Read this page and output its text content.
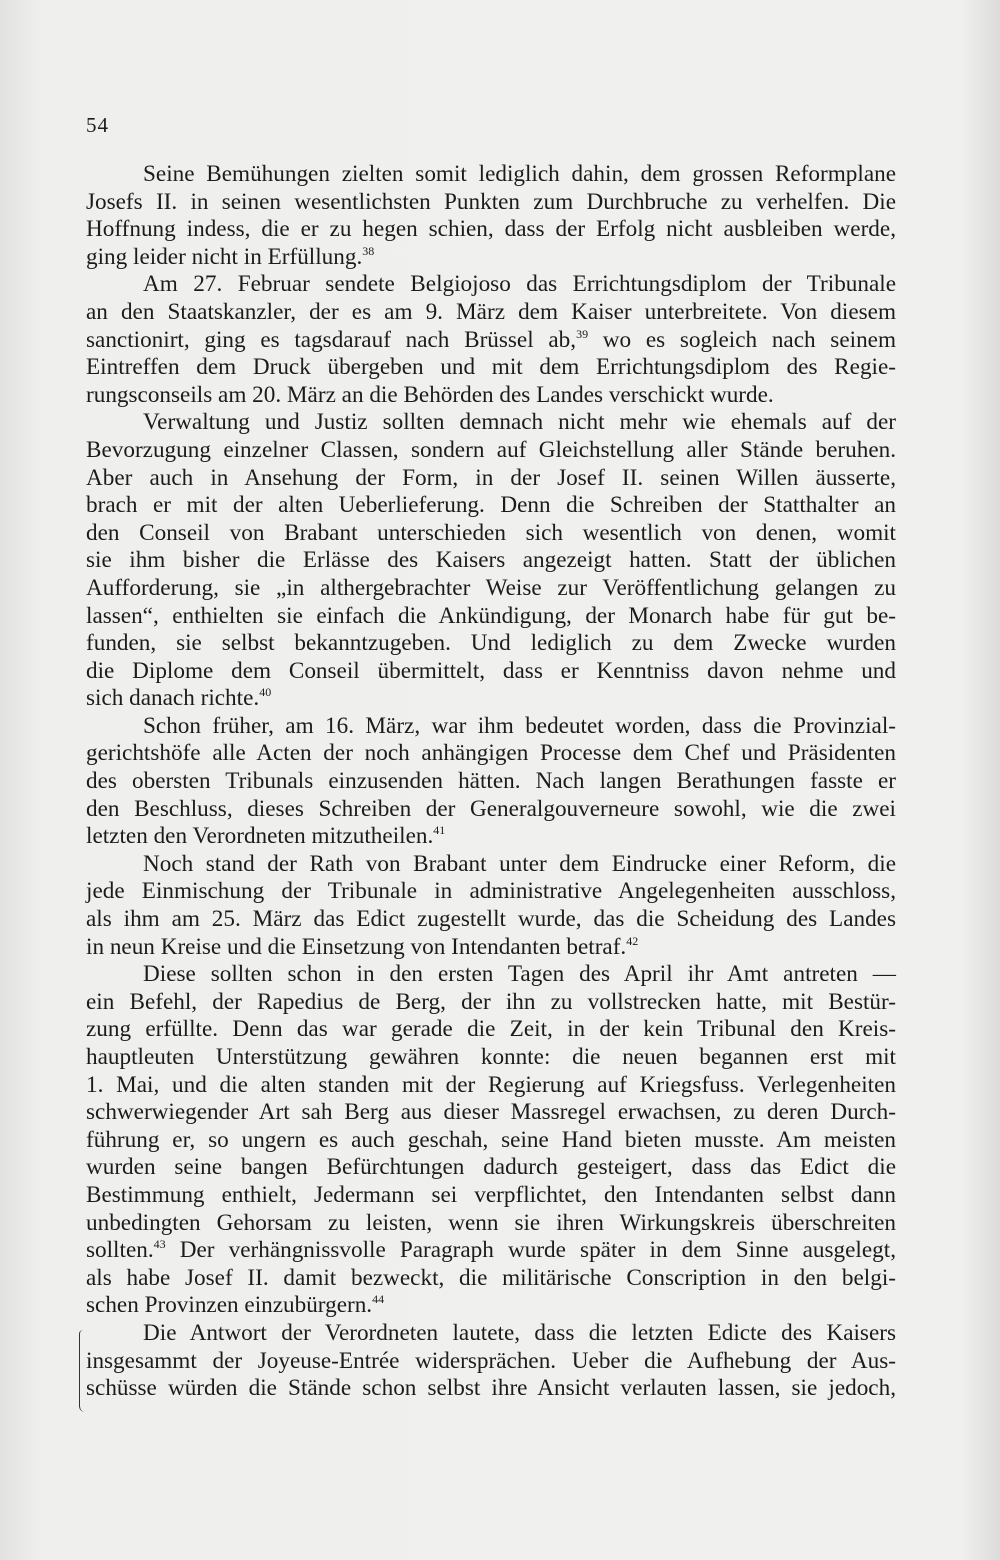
54
Seine Bemühungen zielten somit lediglich dahin, dem grossen Reformplane
Josefs II. in seinen wesentlichsten Punkten zum Durchbruche zu verhelfen. Die
Hoffnung indess, die er zu hegen schien, dass der Erfolg nicht ausbleiben werde,
ging leider nicht in Erfüllung.$^{38}$
Am 27. Februar sendete Belgiojoso das Errichtungsdiplom der Tribunale
an den Staatskanzler, der es am 9. März dem Kaiser unterbreitete. Von diesem
sanctionirt, ging es tagsdarauf nach Brüssel ab,$^{39}$ wo es sogleich nach seinem
Eintreffen dem Druck übergeben und mit dem Errichtungsdiplom des Regie-
rungsconseils am 20. März an die Behörden des Landes verschickt wurde.
Verwaltung und Justiz sollten demnach nicht mehr wie ehemals auf der
Bevorzugung einzelner Classen, sondern auf Gleichstellung aller Stände beruhen.
Aber auch in Ansehung der Form, in der Josef II. seinen Willen äusserte,
brach er mit der alten Ueberlieferung. Denn die Schreiben der Statthalter an
den Conseil von Brabant unterschieden sich wesentlich von denen, womit
sie ihm bisher die Erlässe des Kaisers angezeigt hatten. Statt der üblichen
Aufforderung, sie „in althergebrachter Weise zur Veröffentlichung gelangen zu
lassen“, enthielten sie einfach die Ankündigung, der Monarch habe für gut be-
funden, sie selbst bekanntzugeben. Und lediglich zu dem Zwecke wurden
die Diplome dem Conseil übermittelt, dass er Kenntniss davon nehme und
sich danach richte.$^{40}$
Schon früher, am 16. März, war ihm bedeutet worden, dass die Provinzial-
gerichtshöfe alle Acten der noch anhängigen Processe dem Chef und Präsidenten
des obersten Tribunals einzusenden hätten. Nach langen Berathungen fasste er
den Beschluss, dieses Schreiben der Generalgouverneure sowohl, wie die zwei
letzten den Verordneten mitzutheilen.$^{41}$
Noch stand der Rath von Brabant unter dem Eindrucke einer Reform, die
jede Einmischung der Tribunale in administrative Angelegenheiten ausschloss,
als ihm am 25. März das Edict zugestellt wurde, das die Scheidung des Landes
in neun Kreise und die Einsetzung von Intendanten betraf.$^{42}$
Diese sollten schon in den ersten Tagen des April ihr Amt antreten —
ein Befehl, der Rapedius de Berg, der ihn zu vollstrecken hatte, mit Bestür-
zung erfüllte. Denn das war gerade die Zeit, in der kein Tribunal den Kreis-
hauptleuten Unterstützung gewähren konnte: die neuen begannen erst mit
1. Mai, und die alten standen mit der Regierung auf Kriegsfuss. Verlegenheiten
schwerwiegender Art sah Berg aus dieser Massregel erwachsen, zu deren Durch-
führung er, so ungern es auch geschah, seine Hand bieten musste. Am meisten
wurden seine bangen Befürchtungen dadurch gesteigert, dass das Edict die
Bestimmung enthielt, Jedermann sei verpflichtet, den Intendanten selbst dann
unbedingten Gehorsam zu leisten, wenn sie ihren Wirkungskreis überschreiten
sollten.$^{43}$ Der verhängnissvolle Paragraph wurde später in dem Sinne ausgelegt,
als habe Josef II. damit bezweckt, die militärische Conscription in den belgi-
schen Provinzen einzubürgern.$^{44}$
Die Antwort der Verordneten lautete, dass die letzten Edicte des Kaisers
insgesammt der Joyeuse-Entrée widersprächen. Ueber die Aufhebung der Aus-
schüsse würden die Stände schon selbst ihre Ansicht verlauten lassen, sie jedoch,
